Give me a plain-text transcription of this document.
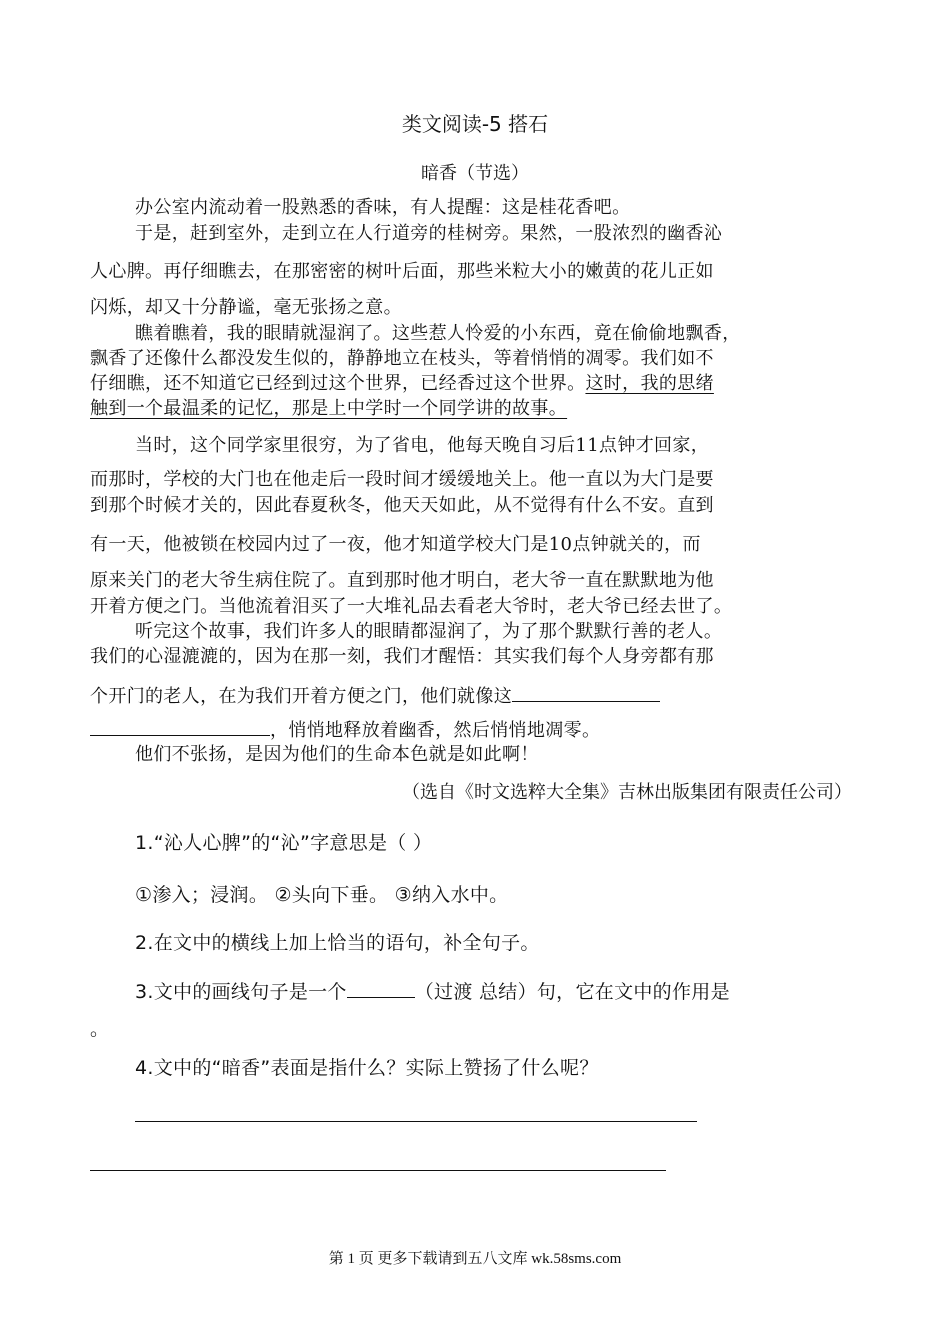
类文阅读-5 搭石
暗香（节选）
办公室内流动着一股熟悉的香味，有人提醒：这是桂花香吧。
于是，赶到室外，走到立在人行道旁的桂树旁。果然，一股浓烈的幽香沁
人心脾。再仔细瞧去，在那密密的树叶后面，那些米粒大小的嫩黄的花儿正如
闪烁，却又十分静谧，毫无张扬之意。
瞧着瞧着，我的眼睛就湿润了。这些惹人怜爱的小东西，竟在偷偷地飘香，
飘香了还像什么都没发生似的，静静地立在枝头，等着悄悄的凋零。我们如不
仔细瞧，还不知道它已经到过这个世界，已经香过这个世界。这时，我的思绪
触到一个最温柔的记忆，那是上中学时一个同学讲的故事。
当时，这个同学家里很穷，为了省电，他每天晚自习后11点钟才回家，
而那时，学校的大门也在他走后一段时间才缓缓地关上。他一直以为大门是要
到那个时候才关的，因此春夏秋冬，他天天如此，从不觉得有什么不安。直到
有一天，他被锁在校园内过了一夜，他才知道学校大门是10点钟就关的，而
原来关门的老大爷生病住院了。直到那时他才明白，老大爷一直在默默地为他
开着方便之门。当他流着泪买了一大堆礼品去看老大爷时，老大爷已经去世了。
听完这个故事，我们许多人的眼睛都湿润了，为了那个默默行善的老人。
我们的心湿漉漉的，因为在那一刻，我们才醒悟：其实我们每个人身旁都有那
个开门的老人，在为我们开着方便之门，他们就像这
，悄悄地释放着幽香，然后悄悄地凋零。
他们不张扬，是因为他们的生命本色就是如此啊！
（选自《时文选粹大全集》吉林出版集团有限责任公司）
1.“沁人心脾”的“沁”字意思是（ ）
①渗入；浸润。 ②头向下垂。 ③纳入水中。
2.在文中的横线上加上恰当的语句，补全句子。
3.文中的画线句子是一个	（过渡 总结）句，它在文中的作用是
。
4.文中的“暗香”表面是指什么？实际上赞扬了什么呢？
第 1 页 更多下载请到五八文库 wk.58sms.com
